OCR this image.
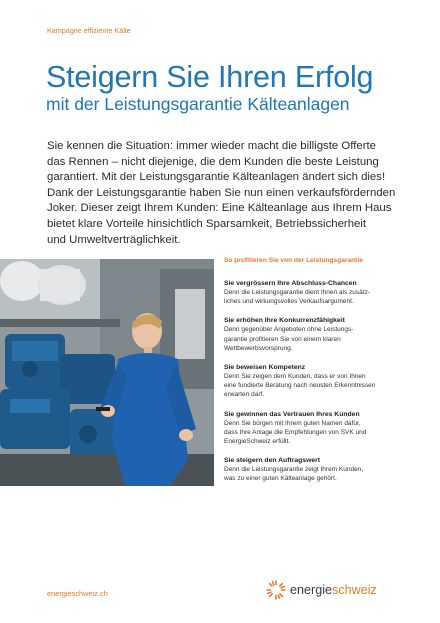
Kampagne effiziente Kälte
Steigern Sie Ihren Erfolg
mit der Leistungsgarantie Kälteanlagen
Sie kennen die Situation: immer wieder macht die billigste Offerte
das Rennen – nicht diejenige, die dem Kunden die beste Leistung
garantiert. Mit der Leistungsgarantie Kälteanlagen ändert sich dies!
Dank der Leistungsgarantie haben Sie nun einen verkaufsfördernden
Joker. Dieser zeigt Ihrem Kunden: Eine Kälteanlage aus Ihrem Haus
bietet klare Vorteile hinsichtlich Sparsamkeit, Betriebssicherheit
und Umweltverträglichkeit.
So profitieren Sie von der Leistungsgarantie
Sie vergrössern Ihre Abschluss-Chancen
Denn die Leistungsgarantie dient Ihnen als zusätz-
liches und wirkungsvolles Verkaufsargument.
Sie erhöhen Ihre Konkurrenzfähigkeit
Denn gegenüber Angeboten ohne Leistungs-
garantie profitieren Sie von einem klaren
Wettbewerbsvorsprung.
Sie beweisen Kompetenz
Denn Sie zeigen dem Kunden, dass er von Ihnen
eine fundierte Beratung nach neusten Erkenntnissen
erwarten darf.
Sie gewinnen das Vertrauen Ihres Kunden
Denn Sie bürgen mit Ihrem guten Namen dafür,
dass Ihre Anlage die Empfehlungen von SVK und
EnergieSchweiz erfüllt.
Sie steigern den Auftragswert
Denn die Leistungsgarantie zeigt Ihrem Kunden,
was zu einer guten Kälteanlage gehört.
energieschweiz.ch	energieschweiz
